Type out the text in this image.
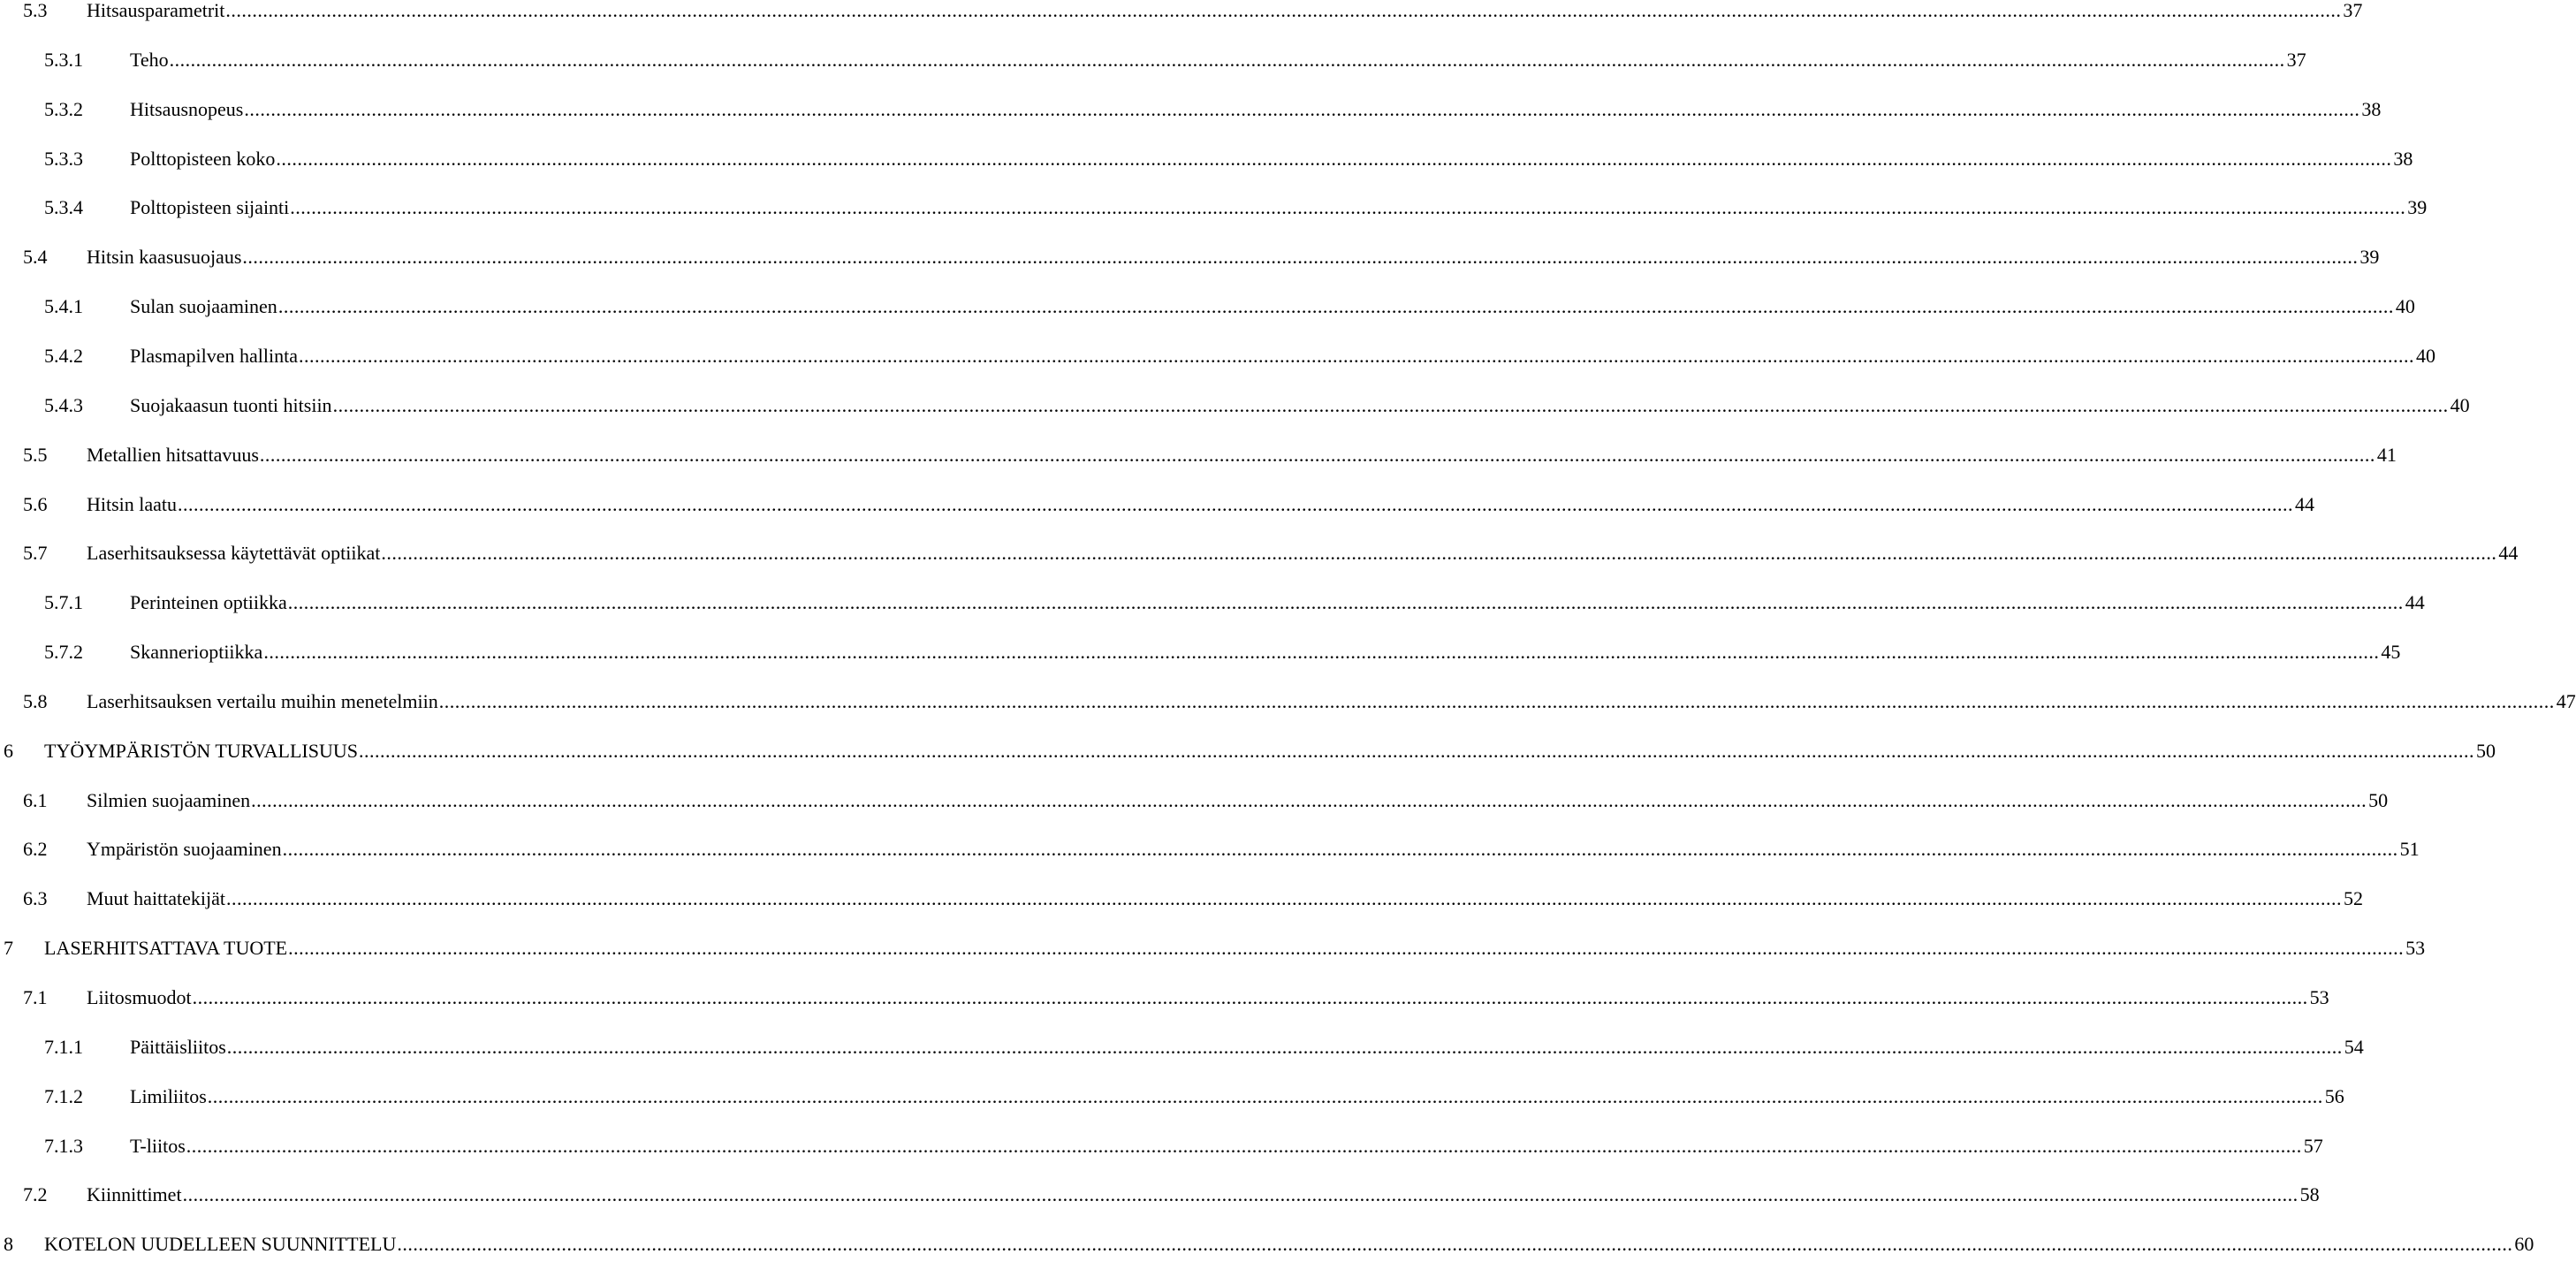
5.3 Hitsausparametrit ............................................................................................................................................................................................................................................................................................................................................................................................................... 37
5.3.1 Teho ............................................................................................................................................................................................................................................................................................................................................................................................................... 37
5.3.2 Hitsausnopeus ............................................................................................................................................................................................................................................................................................................................................................................................................... 38
5.3.3 Polttopisteen koko ............................................................................................................................................................................................................................................................................................................................................................................................................... 38
5.3.4 Polttopisteen sijainti ............................................................................................................................................................................................................................................................................................................................................................................................................... 39
5.4 Hitsin kaasusuojaus ............................................................................................................................................................................................................................................................................................................................................................................................................... 39
5.4.1 Sulan suojaaminen ............................................................................................................................................................................................................................................................................................................................................................................................................... 40
5.4.2 Plasmapilven hallinta ............................................................................................................................................................................................................................................................................................................................................................................................................... 40
5.4.3 Suojakaasun tuonti hitsiin ............................................................................................................................................................................................................................................................................................................................................................................................................... 40
5.5 Metallien hitsattavuus ............................................................................................................................................................................................................................................................................................................................................................................................................... 41
5.6 Hitsin laatu ............................................................................................................................................................................................................................................................................................................................................................................................................... 44
5.7 Laserhitsauksessa käytettävät optiikat ............................................................................................................................................................................................................................................................................................................................................................................................................... 44
5.7.1 Perinteinen optiikka ............................................................................................................................................................................................................................................................................................................................................................................................................... 44
5.7.2 Skannerioptiikka ............................................................................................................................................................................................................................................................................................................................................................................................................... 45
5.8 Laserhitsauksen vertailu muihin menetelmiin ............................................................................................................................................................................................................................................................................................................................................................................................................... 47
6 TYÖYMPÄRISTÖN TURVALLISUUS ............................................................................................................................................................................................................................................................................................................................................................................................................... 50
6.1 Silmien suojaaminen ............................................................................................................................................................................................................................................................................................................................................................................................................... 50
6.2 Ympäristön suojaaminen ............................................................................................................................................................................................................................................................................................................................................................................................................... 51
6.3 Muut haittatekijät ............................................................................................................................................................................................................................................................................................................................................................................................................... 52
7 LASERHITSATTAVA TUOTE ............................................................................................................................................................................................................................................................................................................................................................................................................... 53
7.1 Liitosmuodot ............................................................................................................................................................................................................................................................................................................................................................................................................... 53
7.1.1 Päittäisliitos ............................................................................................................................................................................................................................................................................................................................................................................................................... 54
7.1.2 Limiliitos ............................................................................................................................................................................................................................................................................................................................................................................................................... 56
7.1.3 T-liitos ............................................................................................................................................................................................................................................................................................................................................................................................................... 57
7.2 Kiinnittimet ............................................................................................................................................................................................................................................................................................................................................................................................................... 58
8 KOTELON UUDELLEEN SUUNNITTELU ............................................................................................................................................................................................................................................................................................................................................................................................................... 60
